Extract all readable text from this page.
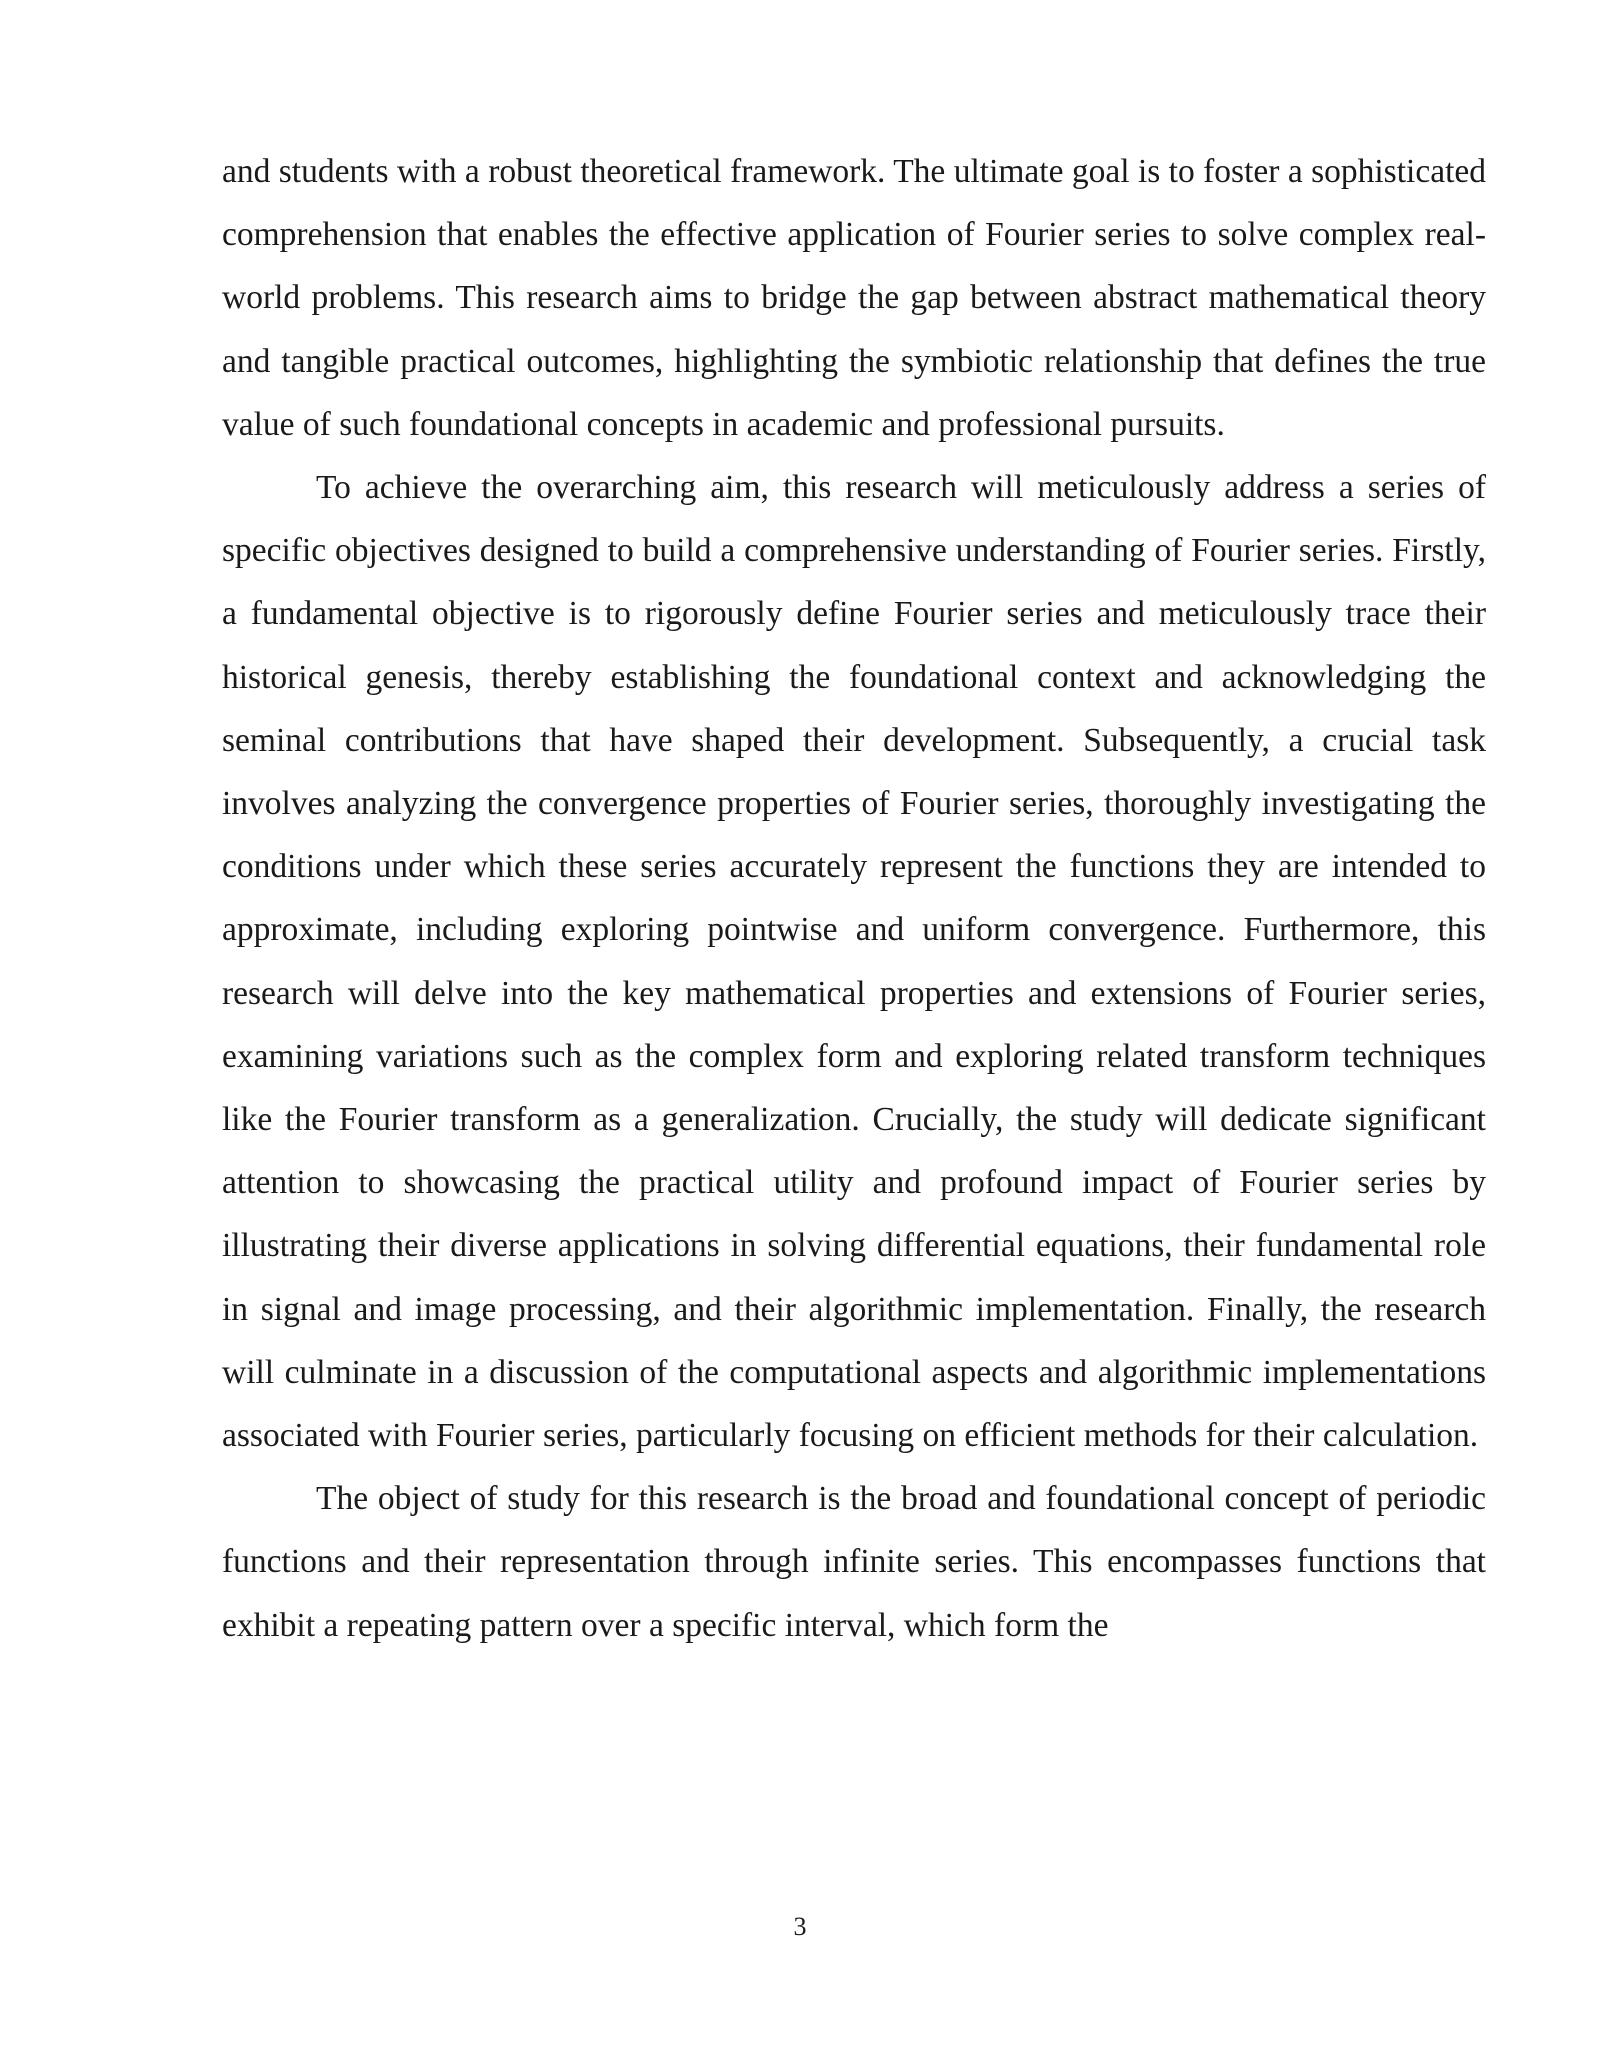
and students with a robust theoretical framework. The ultimate goal is to foster a sophisticated comprehension that enables the effective application of Fourier series to solve complex real-world problems. This research aims to bridge the gap between abstract mathematical theory and tangible practical outcomes, highlighting the symbiotic relationship that defines the true value of such foundational concepts in academic and professional pursuits.

To achieve the overarching aim, this research will meticulously address a series of specific objectives designed to build a comprehensive understanding of Fourier series. Firstly, a fundamental objective is to rigorously define Fourier series and meticulously trace their historical genesis, thereby establishing the foundational context and acknowledging the seminal contributions that have shaped their development. Subsequently, a crucial task involves analyzing the convergence properties of Fourier series, thoroughly investigating the conditions under which these series accurately represent the functions they are intended to approximate, including exploring pointwise and uniform convergence. Furthermore, this research will delve into the key mathematical properties and extensions of Fourier series, examining variations such as the complex form and exploring related transform techniques like the Fourier transform as a generalization. Crucially, the study will dedicate significant attention to showcasing the practical utility and profound impact of Fourier series by illustrating their diverse applications in solving differential equations, their fundamental role in signal and image processing, and their algorithmic implementation. Finally, the research will culminate in a discussion of the computational aspects and algorithmic implementations associated with Fourier series, particularly focusing on efficient methods for their calculation.

The object of study for this research is the broad and foundational concept of periodic functions and their representation through infinite series. This encompasses functions that exhibit a repeating pattern over a specific interval, which form the

3
